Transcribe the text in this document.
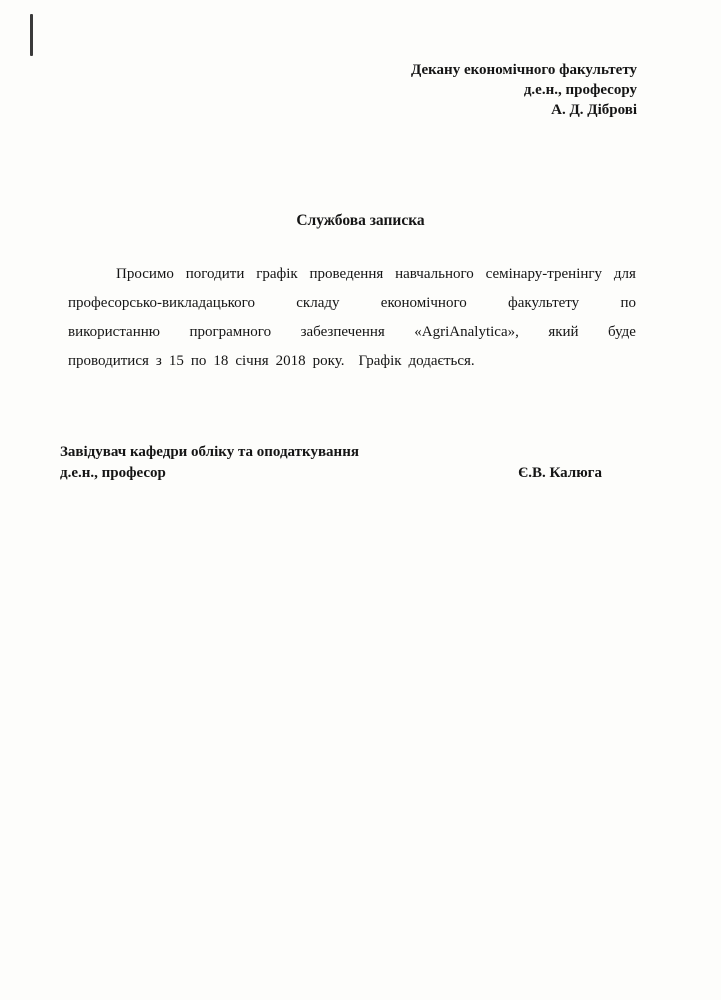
Декану економічного факультету
д.е.н., професору
А. Д. Діброві
Службова записка
Просимо погодити графік проведення навчального семінару-тренінгу для
професорсько-викладацького	складу	економічного	факультету	по
використанню програмного забезпечення «AgriAnalytica», який буде
проводитися з 15 по 18 січня 2018 року. Графік додається.
Завідувач кафедри обліку та оподаткування
д.е.н., професор	Є.В. Калюга
